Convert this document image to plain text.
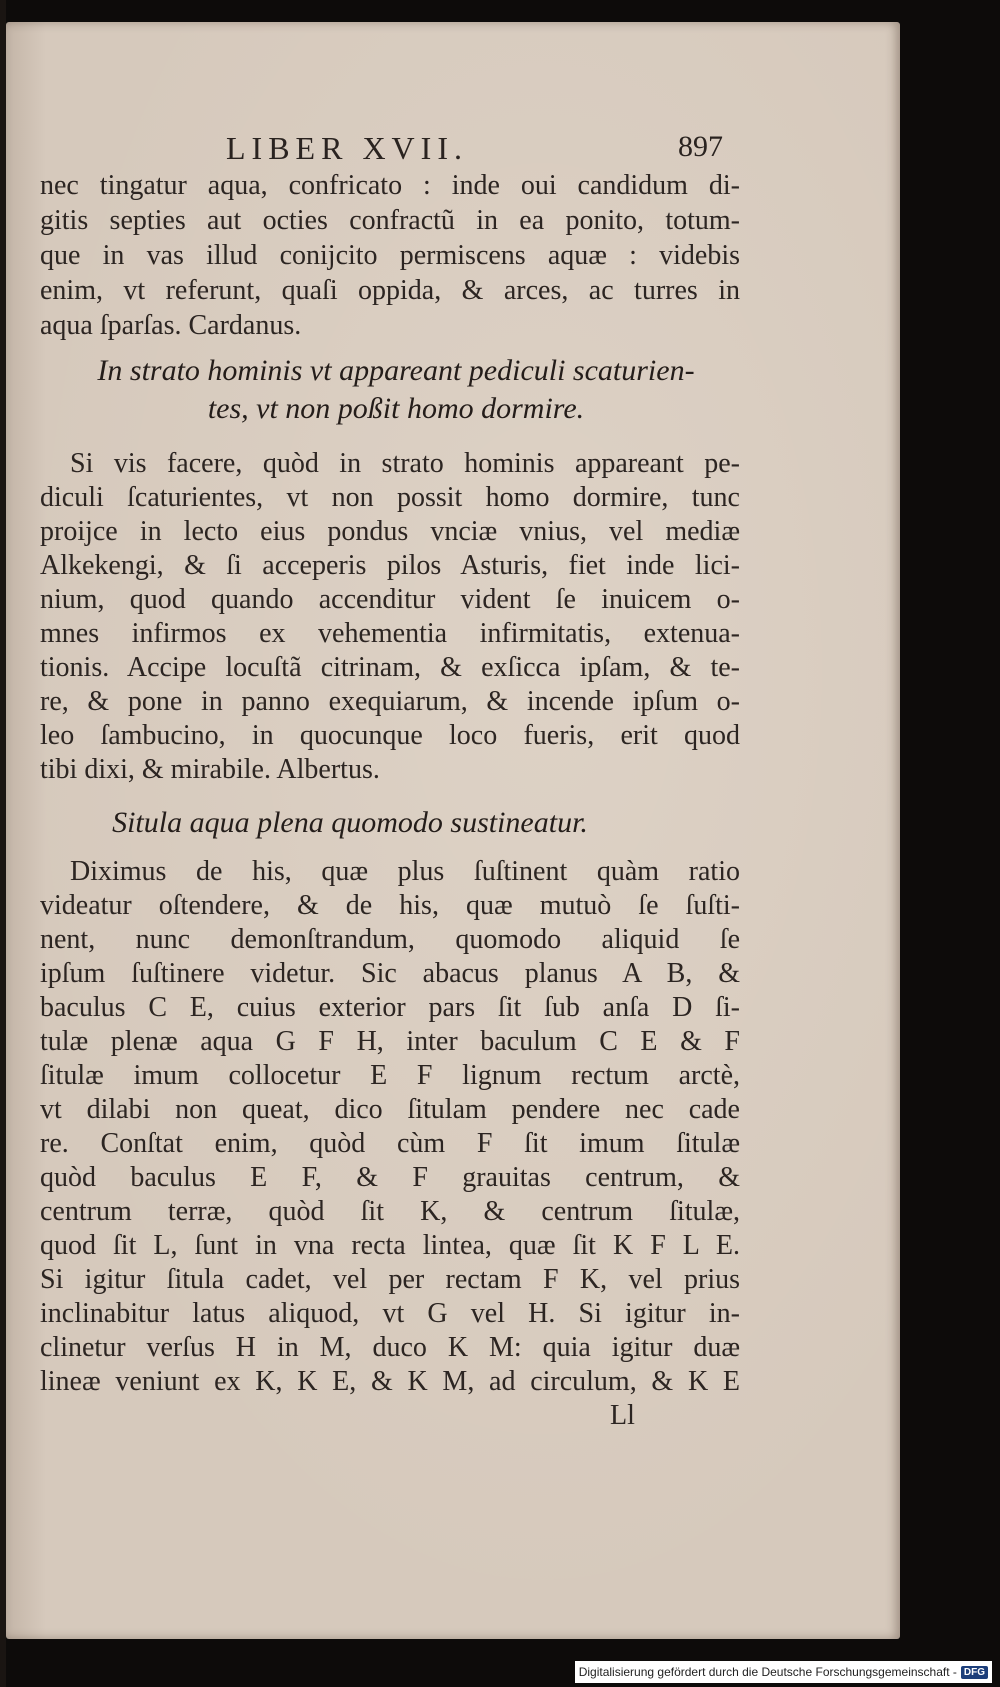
LIBER XVII.	897
nec tingatur aqua, confricato : inde oui candidum di-
gitis septies aut octies confractũ in ea ponito, totum-
que in vas illud conijcito permiscens aquæ : videbis
enim, vt referunt, quaſi oppida, & arces, ac turres in
aqua ſparſas. Cardanus.
In strato hominis vt appareant pediculi scaturien-
tes, vt non poßit homo dormire.
Si vis facere, quòd in strato hominis appareant pe-
diculi ſcaturientes, vt non possit homo dormire, tunc
proijce in lecto eius pondus vnciæ vnius, vel mediæ
Alkekengi, & ſi acceperis pilos Asturis, fiet inde lici-
nium, quod quando accenditur vident ſe inuicem o-
mnes infirmos ex vehementia infirmitatis, extenua-
tionis. Accipe locuſtã citrinam, & exſicca ipſam, & te-
re, & pone in panno exequiarum, & incende ipſum o-
leo ſambucino, in quocunque loco fueris, erit quod
tibi dixi, & mirabile. Albertus.
Situla aqua plena quomodo sustineatur.
Diximus de his, quæ plus ſuſtinent quàm ratio
videatur oſtendere, & de his, quæ mutuò ſe ſuſti-
nent, nunc demonſtrandum, quomodo aliquid ſe
ipſum ſuſtinere videtur. Sic abacus planus A B, &
baculus C E, cuius exterior pars ſit ſub anſa D ſi-
tulæ plenæ aqua G F H, inter baculum C E & F
ſitulæ imum collocetur E F lignum rectum arctè,
vt dilabi non queat, dico ſitulam pendere nec cade
re. Conſtat enim, quòd cùm F ſit imum ſitulæ
quòd baculus E F, & F grauitas centrum, &
centrum terræ, quòd ſit K, & centrum ſitulæ,
quod ſit L, ſunt in vna recta lintea, quæ ſit K F L E.
Si igitur ſitula cadet, vel per rectam F K, vel prius
inclinabitur latus aliquod, vt G vel H. Si igitur in-
clinetur verſus H in M, duco K M: quia igitur duæ
lineæ veniunt ex K, K E, & K M, ad circulum, & K E
Ll
Digitalisierung gefördert durch die Deutsche Forschungsgemeinschaft - DFG
